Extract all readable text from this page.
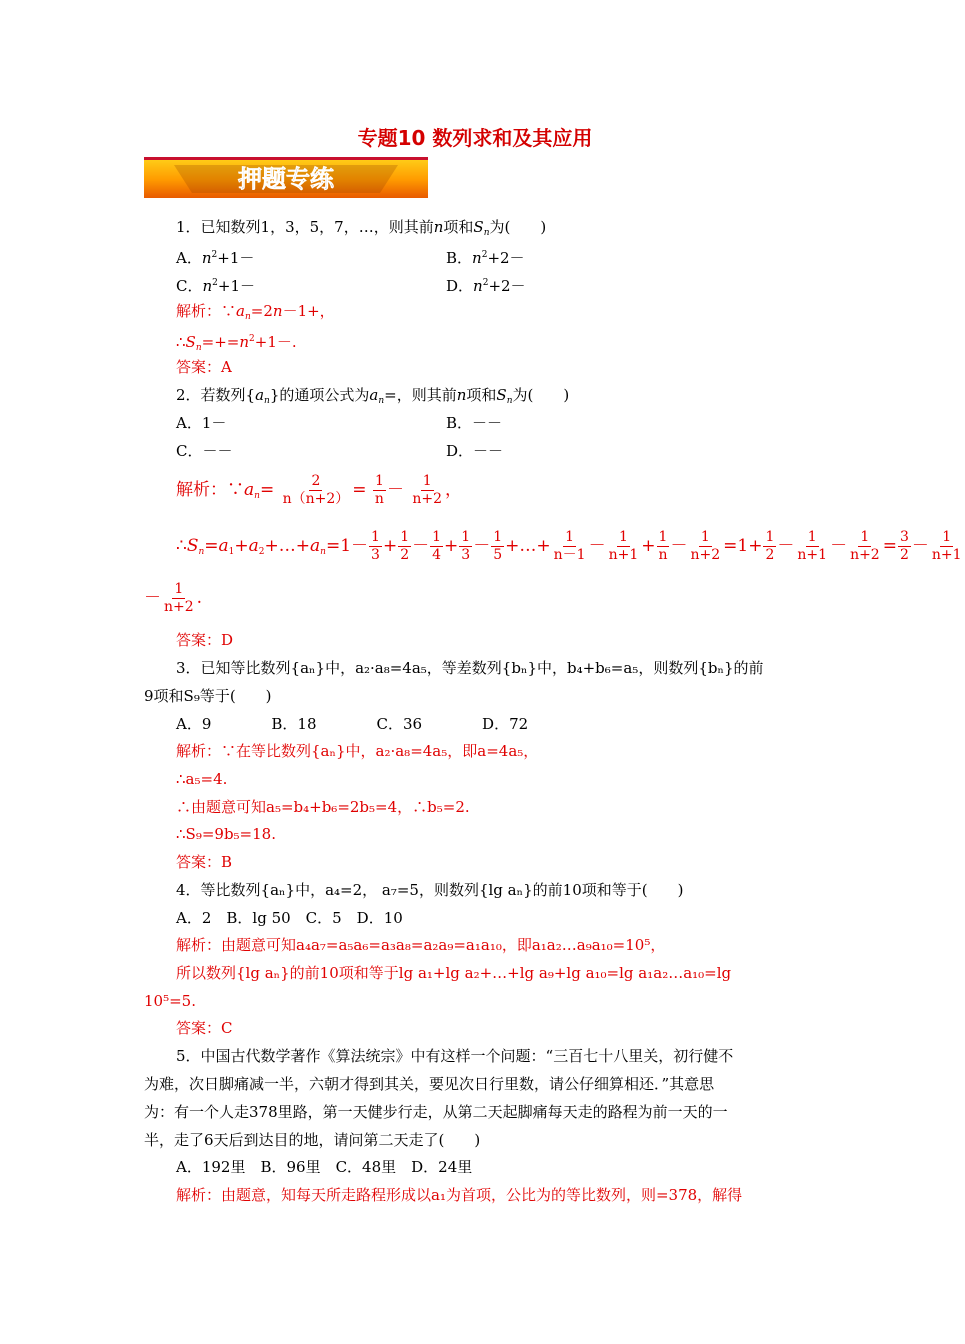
专题10 数列求和及其应用
押题专练
1．已知数列1，3，5，7，…，则其前n项和$S_n$为(　　)
A．$n^2+1-$	B．$n^2+2-$
C．$n^2+1-$	D．$n^2+2-$
解析：$\because a_n=2n-1+$，
$\therefore S_n=+=n^2+1-$.
答案：A
2．若数列$\{a_n\}$的通项公式为$a_n=$，则其前n项和$S_n$为(　　)
A．1－	B．－－
C．－－	D．－－
解析：$\because a_n= \frac{2}{n(n+2)} = \frac{1}{n} - \frac{1}{n+2}$ ，
$\therefore S_n=a_1+a_2+\dots+a_n=1- \frac{1}{3} + \frac{1}{2} - \frac{1}{4} + \frac{1}{3} - \frac{1}{5}$ +…+ $\frac{1}{n-1} - \frac{1}{n+1} + \frac{1}{n} - \frac{1}{n+2} =1+ \frac{1}{2} - \frac{1}{n+1} - \frac{1}{n+2} = \frac{3}{2} - \frac{1}{n+1}$
－ $\frac{1}{n+2}$ .
答案：D
3．已知等比数列{aₙ}中，a₂·a₈=4a₅，等差数列{bₙ}中，b₄+b₆=a₅，则数列{bₙ}的前
9项和S₉等于(　　)
A．9　　　　B．18　　　　C．36　　　　D．72
解析：∵在等比数列{aₙ}中，a₂·a₈=4a₅，即a=4a₅，
∴a₅=4.
∴由题意可知a₅=b₄+b₆=2b₅=4，∴b₅=2.
∴S₉=9b₅=18.
答案：B
4．等比数列{aₙ}中，a₄=2， a₇=5，则数列{lg aₙ}的前10项和等于(　　)
A．2　B．lg 50　C．5　D．10
解析：由题意可知a₄a₇=a₅a₆=a₃a₈=a₂a₉=a₁a₁₀，即a₁a₂…a₉a₁₀=10⁵，
所以数列{lg aₙ}的前10项和等于lg a₁+lg a₂+…+lg a₉+lg a₁₀=lg a₁a₂…a₁₀=lg
10⁵=5.
答案：C
5．中国古代数学著作《算法统宗》中有这样一个问题：“三百七十八里关，初行健不
为难，次日脚痛减一半，六朝才得到其关，要见次日行里数，请公仔细算相还．”其意思
为：有一个人走378里路，第一天健步行走，从第二天起脚痛每天走的路程为前一天的一
半，走了6天后到达目的地，请问第二天走了(　　)
A．192里　B．96里　C．48里　D．24里
解析：由题意，知每天所走路程形成以a₁为首项，公比为的等比数列，则=378，解得
